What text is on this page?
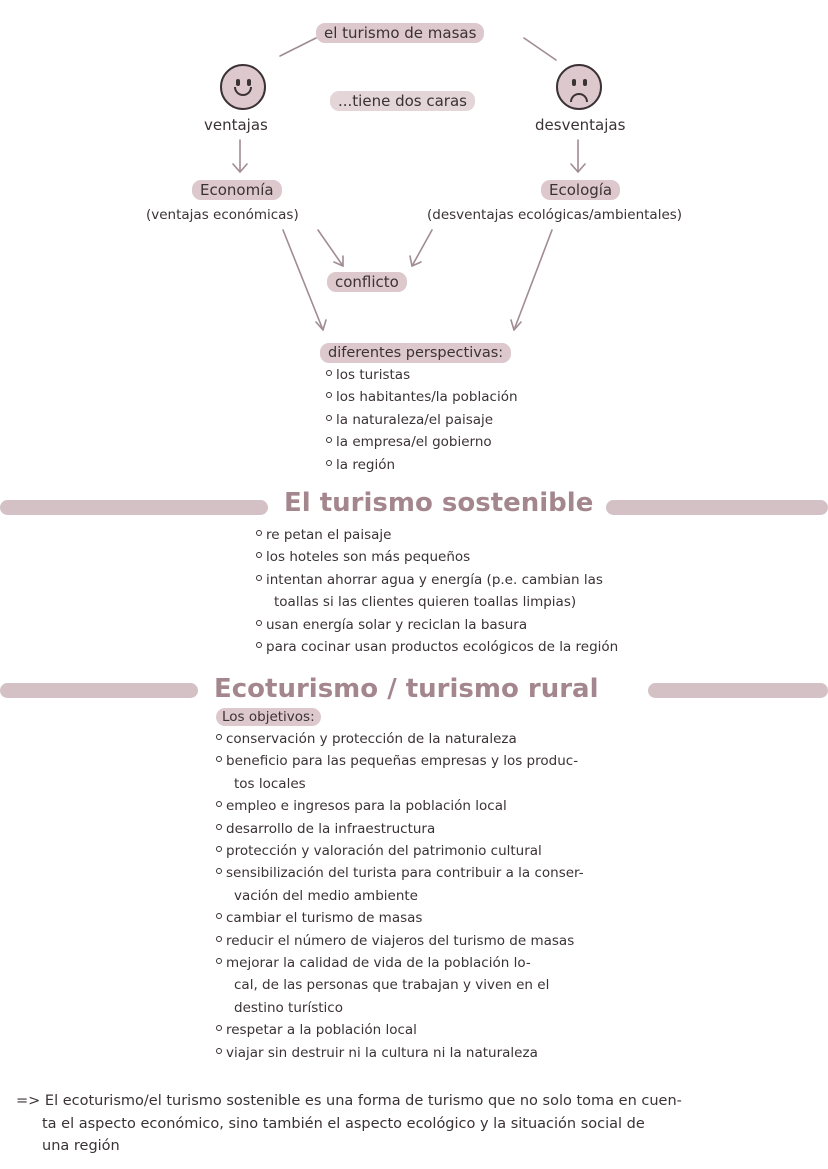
el turismo de masas
...tiene dos caras
ventajas	desventajas
Economía
(ventajas económicas)
Ecología
(desventajas ecológicas/ambientales)
conflicto
diferentes perspectivas:
los turistas
los habitantes/la población
la naturaleza/el paisaje
la empresa/el gobierno
la región
El turismo sostenible
re petan el paisaje
los hoteles son más pequeños
intentan ahorrar agua y energía (p.e. cambian las
toallas si las clientes quieren toallas limpias)
usan energía solar y reciclan la basura
para cocinar usan productos ecológicos de la región
Ecoturismo / turismo rural
Los objetivos:
conservación y protección de la naturaleza
beneficio para las pequeñas empresas y los produc-
tos locales
empleo e ingresos para la población local
desarrollo de la infraestructura
protección y valoración del patrimonio cultural
sensibilización del turista para contribuir a la conser-
vación del medio ambiente
cambiar el turismo de masas
reducir el número de viajeros del turismo de masas
mejorar la calidad de vida de la población lo-
cal, de las personas que trabajan y viven en el
destino turístico
respetar a la población local
viajar sin destruir ni la cultura ni la naturaleza
=> El ecoturismo/el turismo sostenible es una forma de turismo que no solo toma en cuen-
ta el aspecto económico, sino también el aspecto ecológico y la situación social de
una región
